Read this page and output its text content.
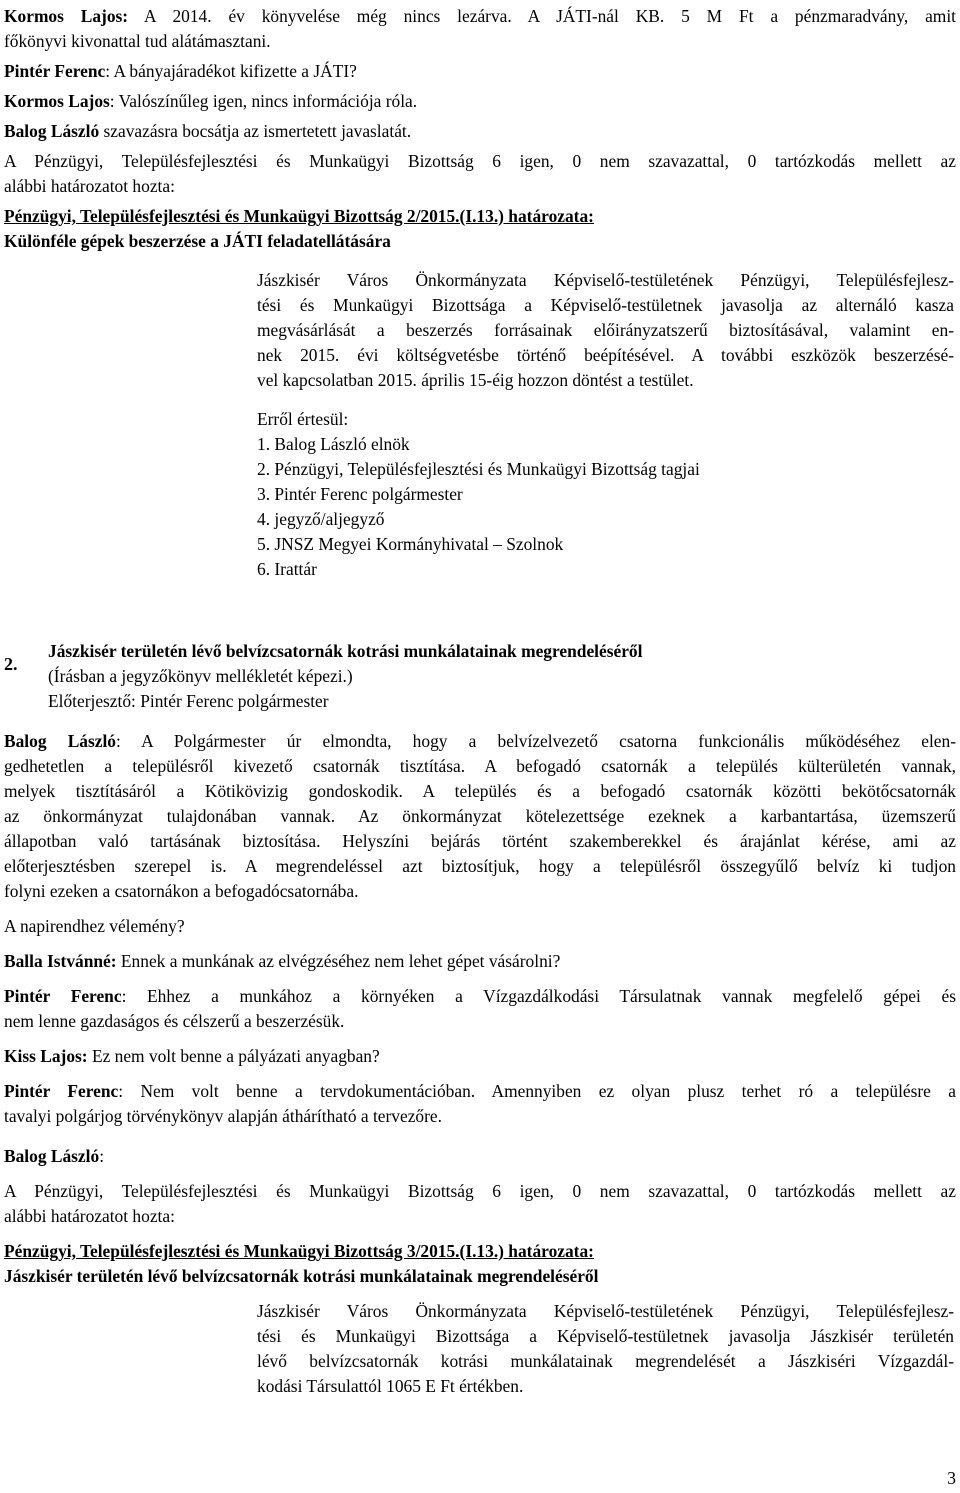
Kormos Lajos: A 2014. év könyvelése még nincs lezárva. A JÁTI-nál KB. 5 M Ft a pénzmaradvány, amit
főkönyvi kivonattal tud alátámasztani.
Pintér Ferenc: A bányajáradékot kifizette a JÁTI?
Kormos Lajos: Valószínűleg igen, nincs információja róla.
Balog László szavazásra bocsátja az ismertetett javaslatát.
A Pénzügyi, Településfejlesztési és Munkaügyi Bizottság 6 igen, 0 nem szavazattal, 0 tartózkodás mellett az
alábbi határozatot hozta:
Pénzügyi, Településfejlesztési és Munkaügyi Bizottság 2/2015.(I.13.) határozata:
Különféle gépek beszerzése a JÁTI feladatellátására
Jászkisér Város Önkormányzata Képviselő-testületének Pénzügyi, Településfejlesz-
tési és Munkaügyi Bizottsága a Képviselő-testületnek javasolja az alternáló kasza
megvásárlását a beszerzés forrásainak előirányzatszerű biztosításával, valamint en-
nek 2015. évi költségvetésbe történő beépítésével. A további eszközök beszerzésé-
vel kapcsolatban 2015. április 15-éig hozzon döntést a testület.
Erről értesül:
1. Balog László elnök
2. Pénzügyi, Településfejlesztési és Munkaügyi Bizottság tagjai
3. Pintér Ferenc polgármester
4. jegyző/aljegyző
5. JNSZ Megyei Kormányhivatal – Szolnok
6. Irattár
2.
Jászkisér területén lévő belvízcsatornák kotrási munkálatainak megrendeléséről
(Írásban a jegyzőkönyv mellékletét képezi.)
Előterjesztő: Pintér Ferenc polgármester
Balog László: A Polgármester úr elmondta, hogy a belvízelvezető csatorna funkcionális működéséhez elen-
gedhetetlen a településről kivezető csatornák tisztítása. A befogadó csatornák a település külterületén vannak,
melyek tisztításáról a Kötikövizig gondoskodik. A település és a befogadó csatornák közötti bekötőcsatornák
az önkormányzat tulajdonában vannak. Az önkormányzat kötelezettsége ezeknek a karbantartása, üzemszerű
állapotban való tartásának biztosítása. Helyszíni bejárás történt szakemberekkel és árajánlat kérése, ami az
előterjesztésben szerepel is. A megrendeléssel azt biztosítjuk, hogy a településről összegyűlő belvíz ki tudjon
folyni ezeken a csatornákon a befogadócsatornába.
A napirendhez vélemény?
Balla Istvánné: Ennek a munkának az elvégzéséhez nem lehet gépet vásárolni?
Pintér Ferenc: Ehhez a munkához a környéken a Vízgazdálkodási Társulatnak vannak megfelelő gépei és
nem lenne gazdaságos és célszerű a beszerzésük.
Kiss Lajos: Ez nem volt benne a pályázati anyagban?
Pintér Ferenc: Nem volt benne a tervdokumentációban. Amennyiben ez olyan plusz terhet ró a településre a
tavalyi polgárjog törvénykönyv alapján áthárítható a tervezőre.
Balog László:
A Pénzügyi, Településfejlesztési és Munkaügyi Bizottság 6 igen, 0 nem szavazattal, 0 tartózkodás mellett az
alábbi határozatot hozta:
Pénzügyi, Településfejlesztési és Munkaügyi Bizottság 3/2015.(I.13.) határozata:
Jászkisér területén lévő belvízcsatornák kotrási munkálatainak megrendeléséről
Jászkisér Város Önkormányzata Képviselő-testületének Pénzügyi, Településfejlesz-
tési és Munkaügyi Bizottsága a Képviselő-testületnek javasolja Jászkisér területén
lévő belvízcsatornák kotrási munkálatainak megrendelését a Jászkiséri Vízgazdál-
kodási Társulattól 1065 E Ft értékben.
3
